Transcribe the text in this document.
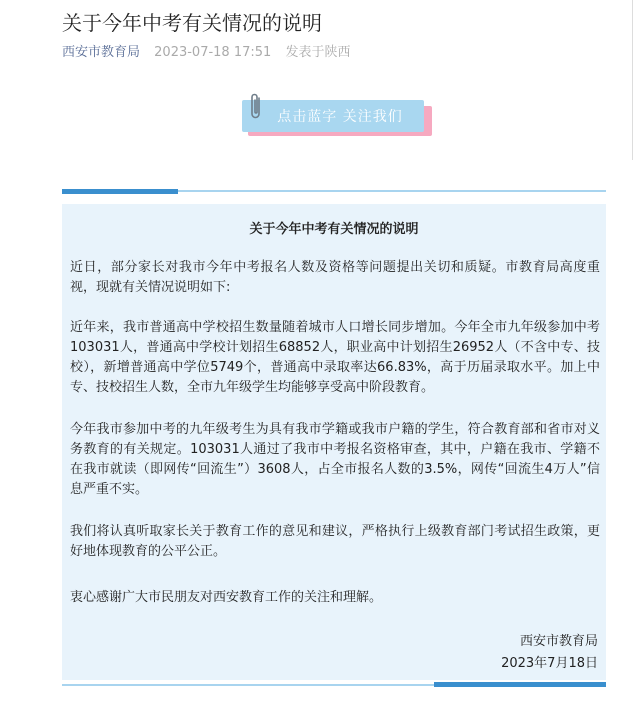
关于今年中考有关情况的说明
西安市教育局 2023-07-18 17:51 发表于陕西
点击蓝字 关注我们
关于今年中考有关情况的说明

近日，部分家长对我市今年中考报名人数及资格等问题提出关切和质疑。市教育局高度重视，现就有关情况说明如下:

近年来，我市普通高中学校招生数量随着城市人口增长同步增加。今年全市九年级参加中考103031人，普通高中学校计划招生68852人，职业高中计划招生26952人（不含中专、技校），新增普通高中学位5749个，普通高中录取率达66.83%，高于历届录取水平。加上中专、技校招生人数，全市九年级学生均能够享受高中阶段教育。

今年我市参加中考的九年级考生为具有我市学籍或我市户籍的学生，符合教育部和省市对义务教育的有关规定。103031人通过了我市中考报名资格审查，其中，户籍在我市、学籍不在我市就读（即网传“回流生”）3608人，占全市报名人数的3.5%，网传“回流生4万人”信息严重不实。

我们将认真听取家长关于教育工作的意见和建议，严格执行上级教育部门考试招生政策，更好地体现教育的公平公正。

衷心感谢广大市民朋友对西安教育工作的关注和理解。

西安市教育局
2023年7月18日
